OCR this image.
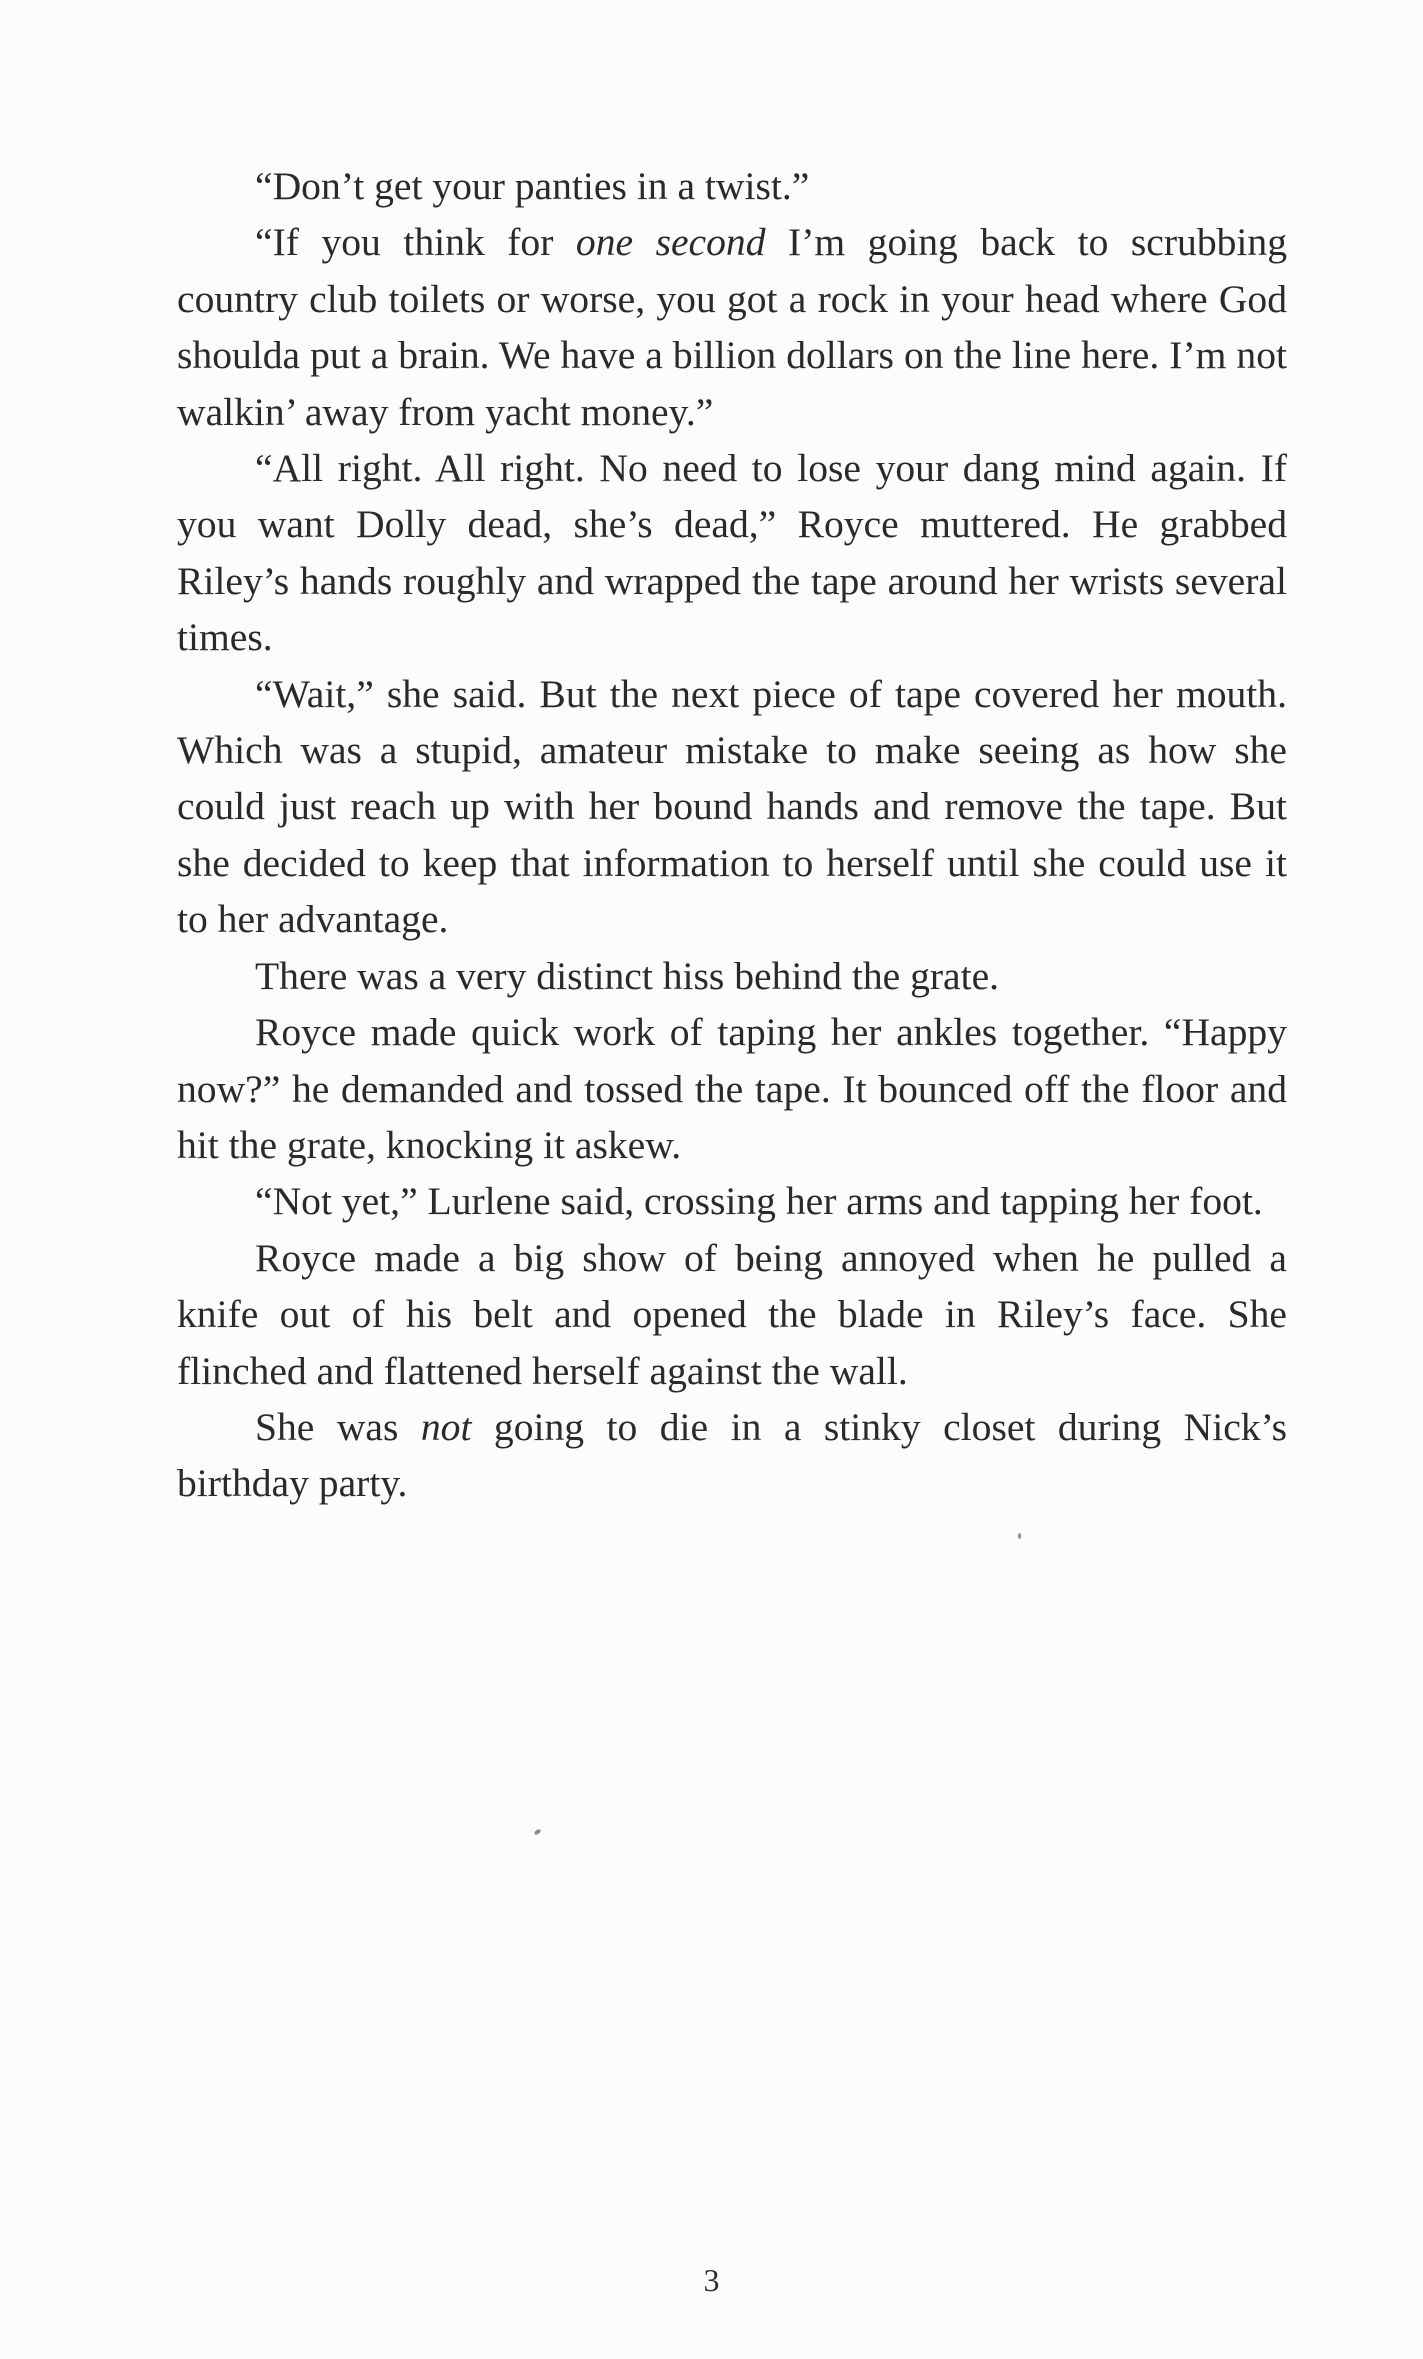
“Don’t get your panties in a twist.”

“If you think for one second I’m going back to scrubbing country club toilets or worse, you got a rock in your head where God shoulda put a brain. We have a billion dollars on the line here. I’m not walkin’ away from yacht money.”

“All right. All right. No need to lose your dang mind again. If you want Dolly dead, she’s dead,” Royce muttered. He grabbed Riley’s hands roughly and wrapped the tape around her wrists several times.

“Wait,” she said. But the next piece of tape covered her mouth. Which was a stupid, amateur mistake to make seeing as how she could just reach up with her bound hands and remove the tape. But she decided to keep that information to herself until she could use it to her advantage.

There was a very distinct hiss behind the grate.

Royce made quick work of taping her ankles together. “Happy now?” he demanded and tossed the tape. It bounced off the floor and hit the grate, knocking it askew.

“Not yet,” Lurlene said, crossing her arms and tapping her foot.

Royce made a big show of being annoyed when he pulled a knife out of his belt and opened the blade in Riley’s face. She flinched and flattened herself against the wall.

She was not going to die in a stinky closet during Nick’s birthday party.

3
